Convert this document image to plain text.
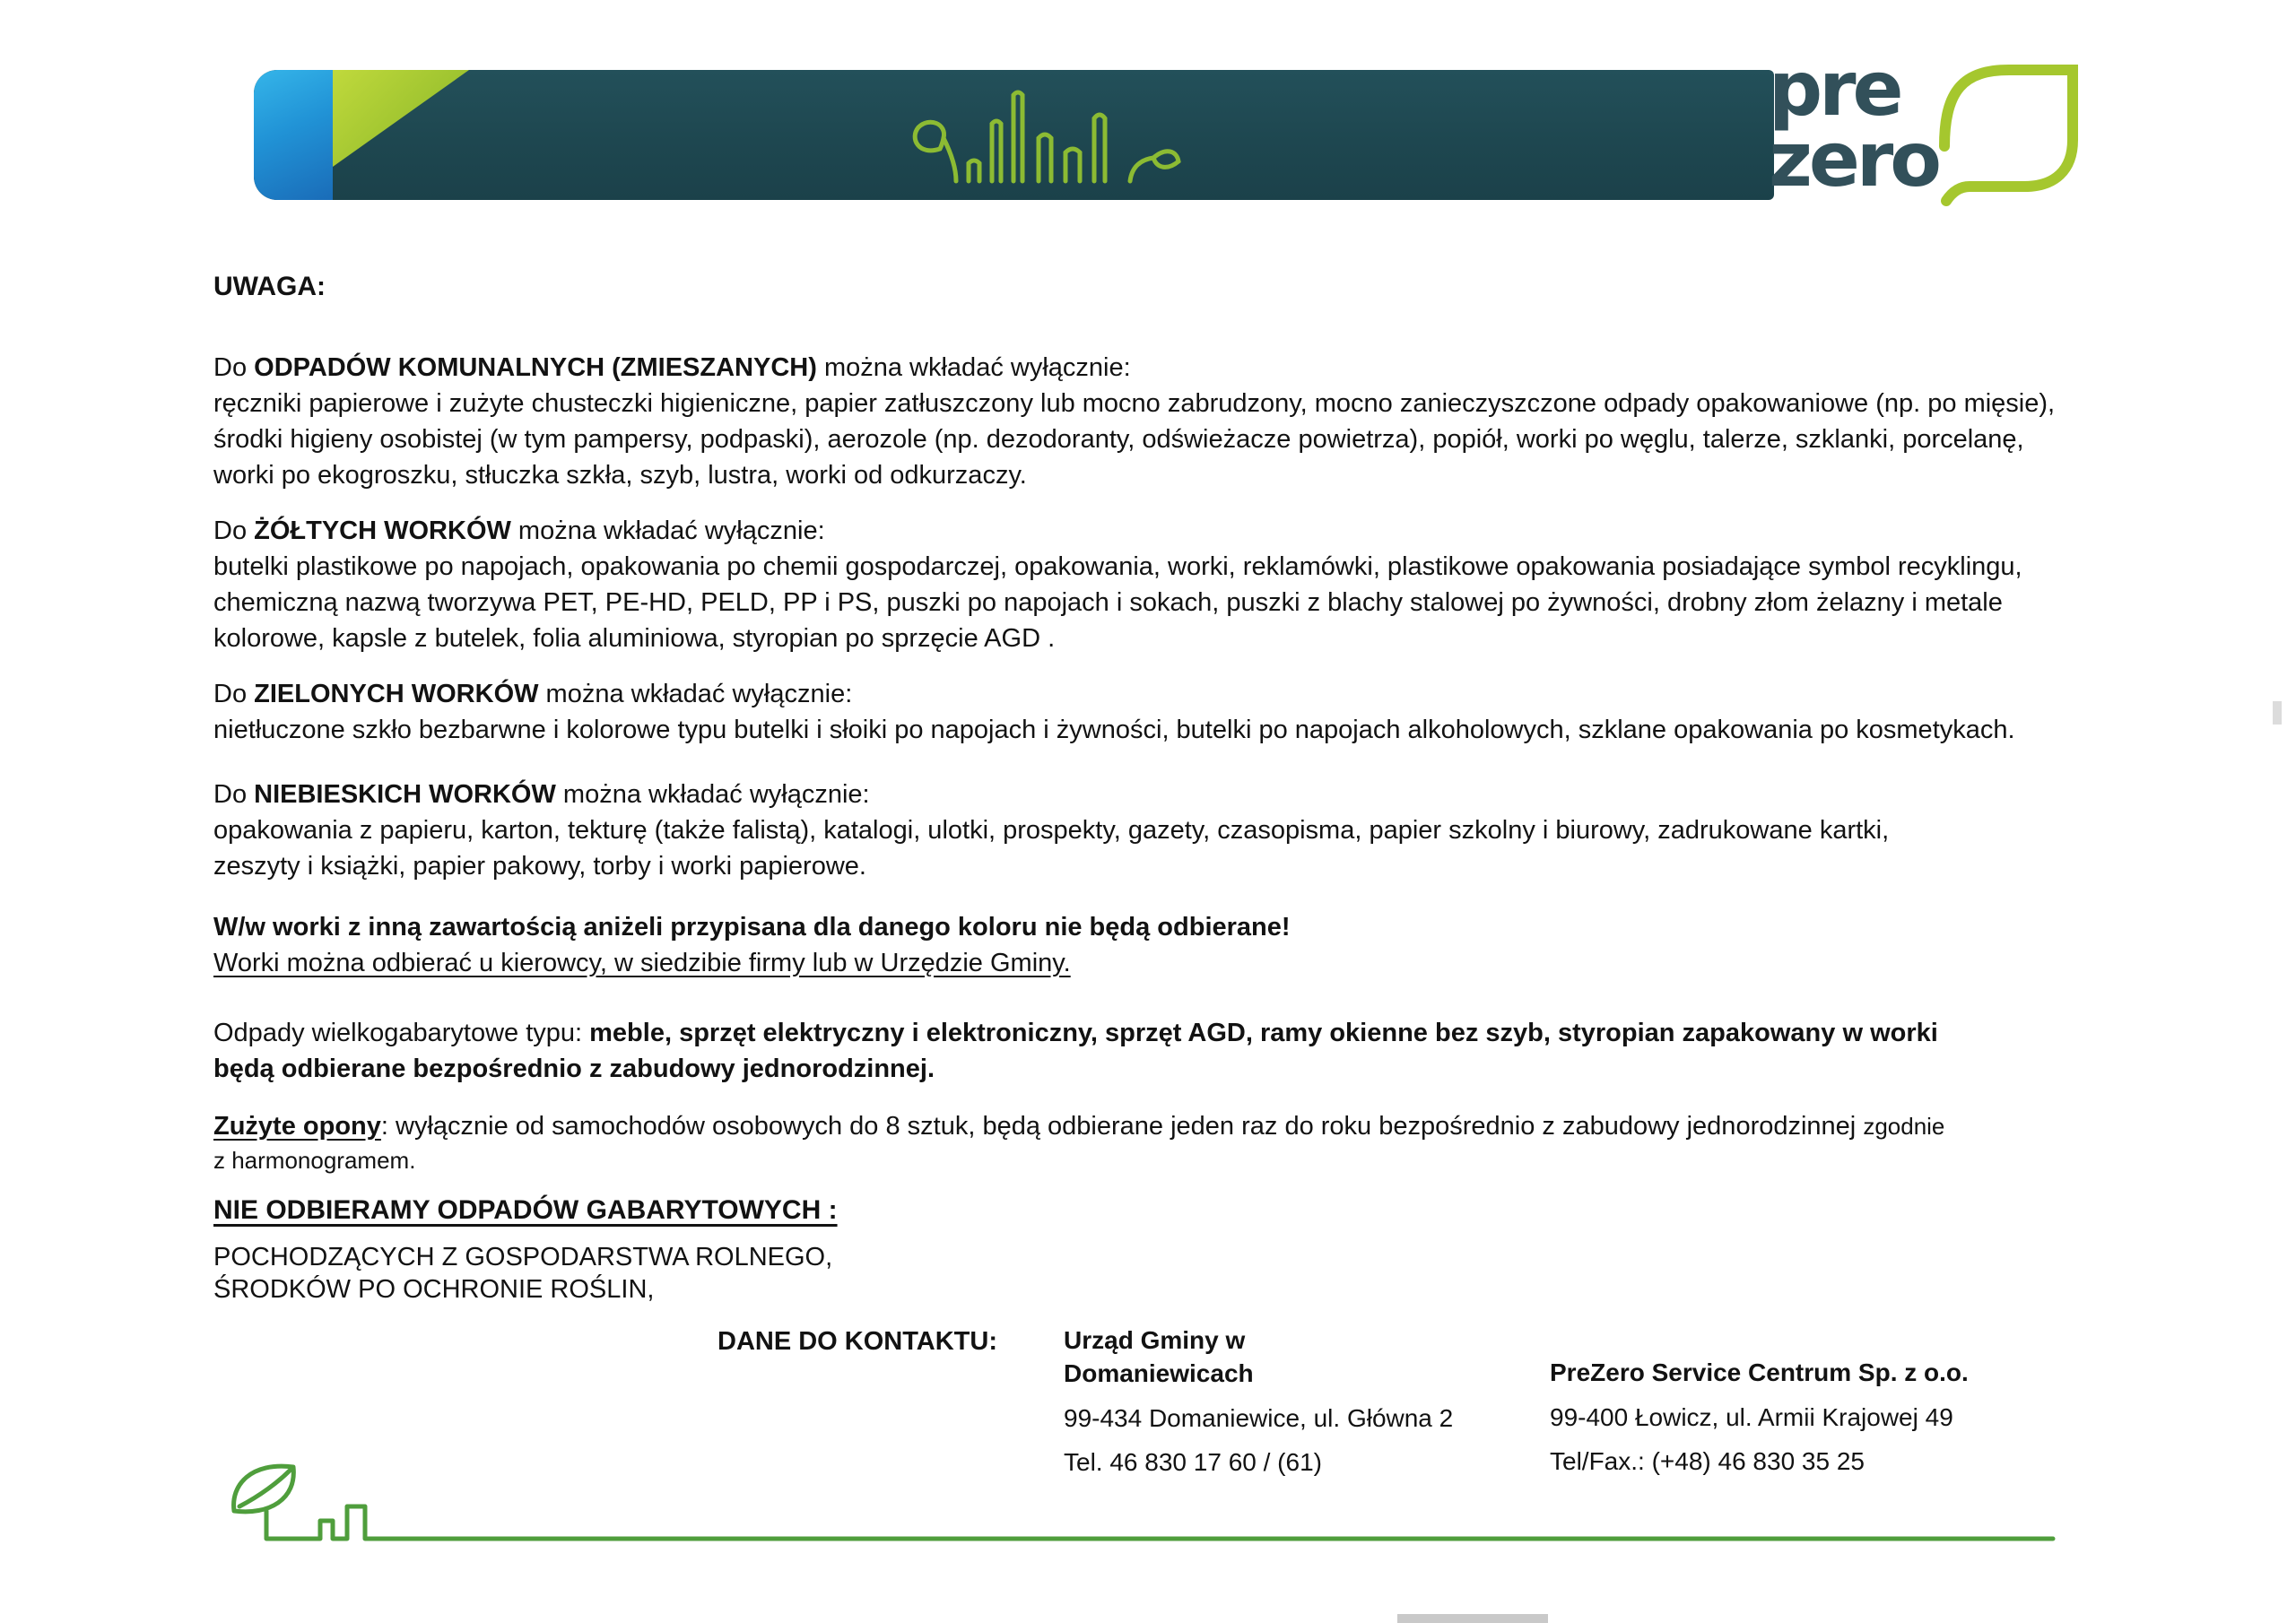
pre
zero
UWAGA:
Do ODPADÓW KOMUNALNYCH (ZMIESZANYCH) można wkładać wyłącznie:
ręczniki papierowe i zużyte chusteczki higieniczne, papier zatłuszczony lub mocno zabrudzony, mocno zanieczyszczone odpady opakowaniowe (np. po mięsie),
środki higieny osobistej (w tym pampersy, podpaski), aerozole (np. dezodoranty, odświeżacze powietrza), popiół, worki po węglu, talerze, szklanki, porcelanę,
worki po ekogroszku, stłuczka szkła, szyb, lustra, worki od odkurzaczy.
Do ŻÓŁTYCH WORKÓW można wkładać wyłącznie:
butelki plastikowe po napojach, opakowania po chemii gospodarczej, opakowania, worki, reklamówki, plastikowe opakowania posiadające symbol recyklingu,
chemiczną nazwą tworzywa PET, PE-HD, PELD, PP i PS, puszki po napojach i sokach, puszki z blachy stalowej po żywności, drobny złom żelazny i metale
kolorowe, kapsle z butelek, folia aluminiowa, styropian po sprzęcie AGD .
Do ZIELONYCH WORKÓW można wkładać wyłącznie:
nietłuczone szkło bezbarwne i kolorowe typu butelki i słoiki po napojach i żywności, butelki po napojach alkoholowych, szklane opakowania po kosmetykach.
Do NIEBIESKICH WORKÓW można wkładać wyłącznie:
opakowania z papieru, karton, tekturę (także falistą), katalogi, ulotki, prospekty, gazety, czasopisma, papier szkolny i biurowy, zadrukowane kartki,
zeszyty i książki, papier pakowy, torby i worki papierowe.
W/w worki z inną zawartością aniżeli przypisana dla danego koloru nie będą odbierane!
Worki można odbierać u kierowcy, w siedzibie firmy lub w Urzędzie Gminy.
Odpady wielkogabarytowe typu: meble, sprzęt elektryczny i elektroniczny, sprzęt AGD, ramy okienne bez szyb, styropian zapakowany w worki
będą odbierane bezpośrednio z zabudowy jednorodzinnej.
Zużyte opony: wyłącznie od samochodów osobowych do 8 sztuk, będą odbierane jeden raz do roku bezpośrednio z zabudowy jednorodzinnej zgodnie
z harmonogramem.
NIE ODBIERAMY ODPADÓW GABARYTOWYCH :
POCHODZĄCYCH Z GOSPODARSTWA ROLNEGO,
ŚRODKÓW PO OCHRONIE ROŚLIN,
DANE DO KONTAKTU:	Urząd Gminy w
Domaniewicach
99-434 Domaniewice, ul. Główna 2
Tel. 46 830 17 60 / (61)
PreZero Service Centrum Sp. z o.o.
99-400 Łowicz, ul. Armii Krajowej 49
Tel/Fax.: (+48) 46 830 35 25
